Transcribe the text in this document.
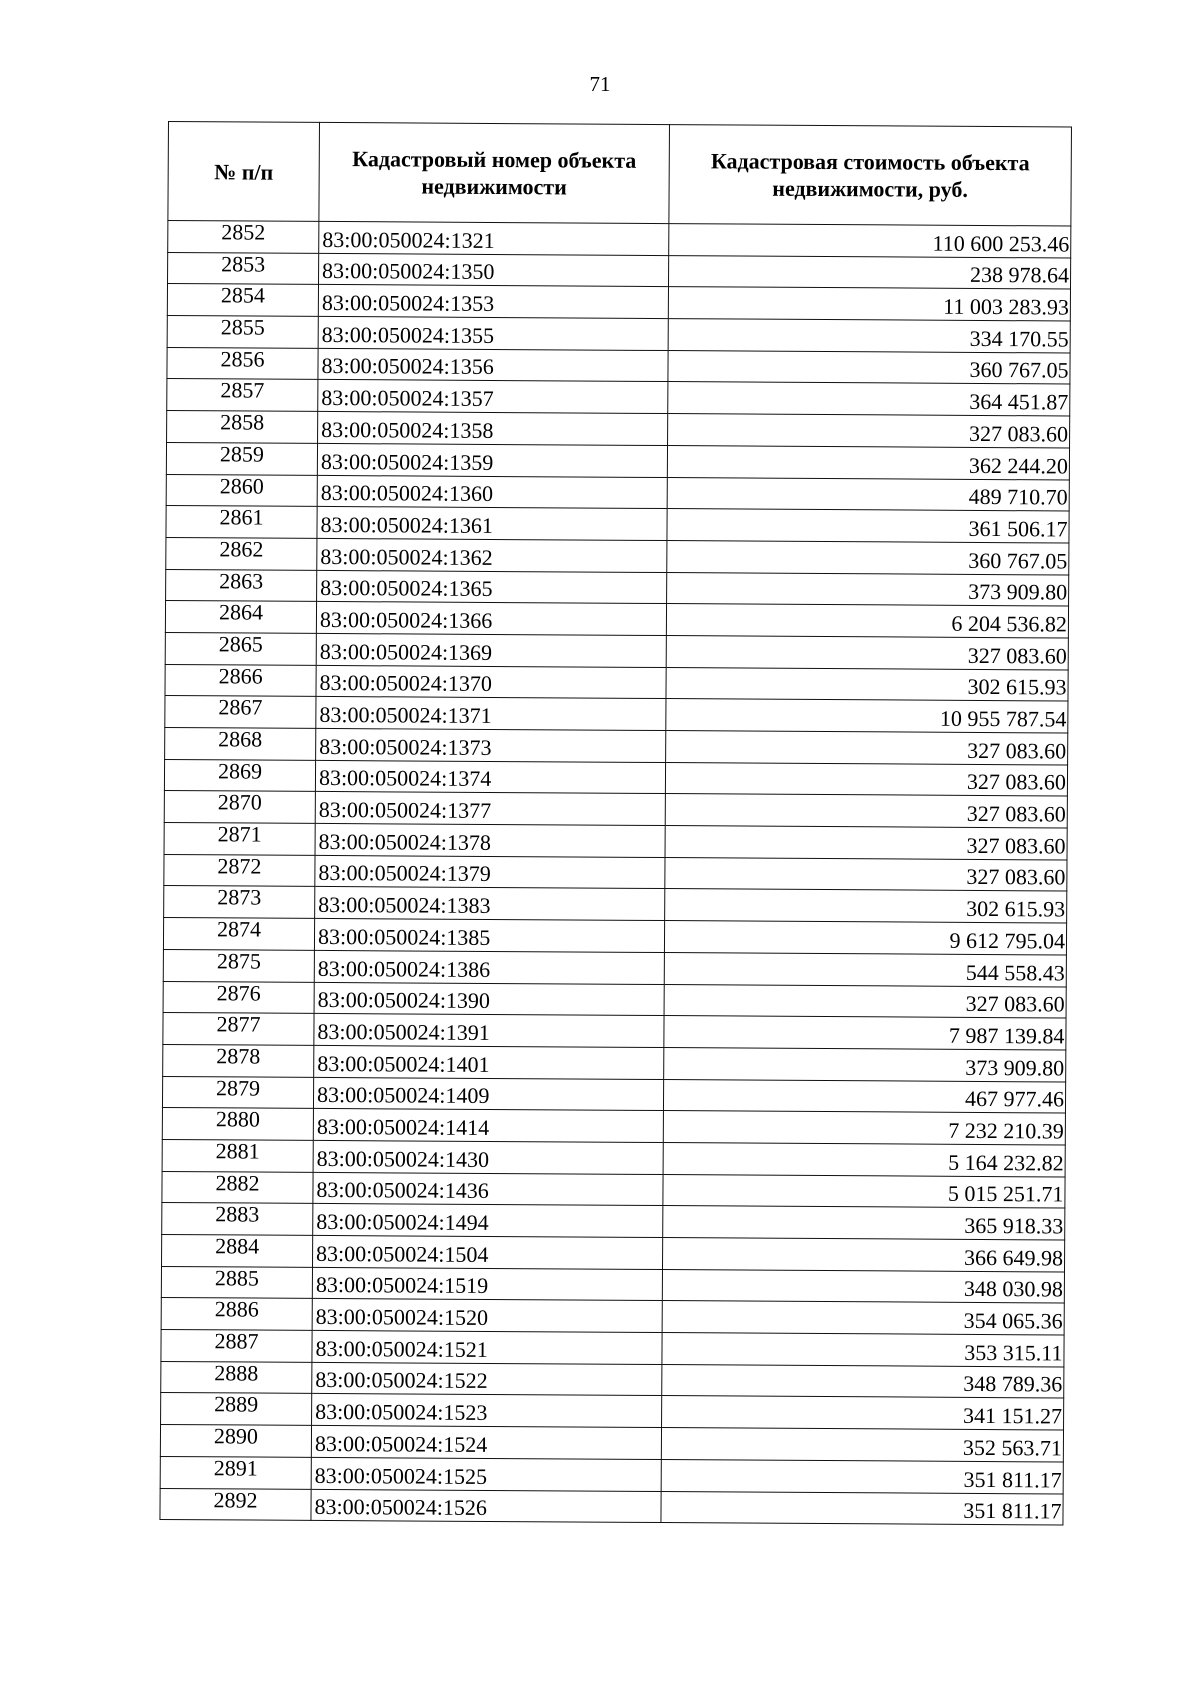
71
№ п/п	Кадастровый номер объекта недвижимости	Кадастровая стоимость объекта недвижимости, руб.
2852	83:00:050024:1321	110 600 253.46
2853	83:00:050024:1350	238 978.64
2854	83:00:050024:1353	11 003 283.93
2855	83:00:050024:1355	334 170.55
2856	83:00:050024:1356	360 767.05
2857	83:00:050024:1357	364 451.87
2858	83:00:050024:1358	327 083.60
2859	83:00:050024:1359	362 244.20
2860	83:00:050024:1360	489 710.70
2861	83:00:050024:1361	361 506.17
2862	83:00:050024:1362	360 767.05
2863	83:00:050024:1365	373 909.80
2864	83:00:050024:1366	6 204 536.82
2865	83:00:050024:1369	327 083.60
2866	83:00:050024:1370	302 615.93
2867	83:00:050024:1371	10 955 787.54
2868	83:00:050024:1373	327 083.60
2869	83:00:050024:1374	327 083.60
2870	83:00:050024:1377	327 083.60
2871	83:00:050024:1378	327 083.60
2872	83:00:050024:1379	327 083.60
2873	83:00:050024:1383	302 615.93
2874	83:00:050024:1385	9 612 795.04
2875	83:00:050024:1386	544 558.43
2876	83:00:050024:1390	327 083.60
2877	83:00:050024:1391	7 987 139.84
2878	83:00:050024:1401	373 909.80
2879	83:00:050024:1409	467 977.46
2880	83:00:050024:1414	7 232 210.39
2881	83:00:050024:1430	5 164 232.82
2882	83:00:050024:1436	5 015 251.71
2883	83:00:050024:1494	365 918.33
2884	83:00:050024:1504	366 649.98
2885	83:00:050024:1519	348 030.98
2886	83:00:050024:1520	354 065.36
2887	83:00:050024:1521	353 315.11
2888	83:00:050024:1522	348 789.36
2889	83:00:050024:1523	341 151.27
2890	83:00:050024:1524	352 563.71
2891	83:00:050024:1525	351 811.17
2892	83:00:050024:1526	351 811.17
